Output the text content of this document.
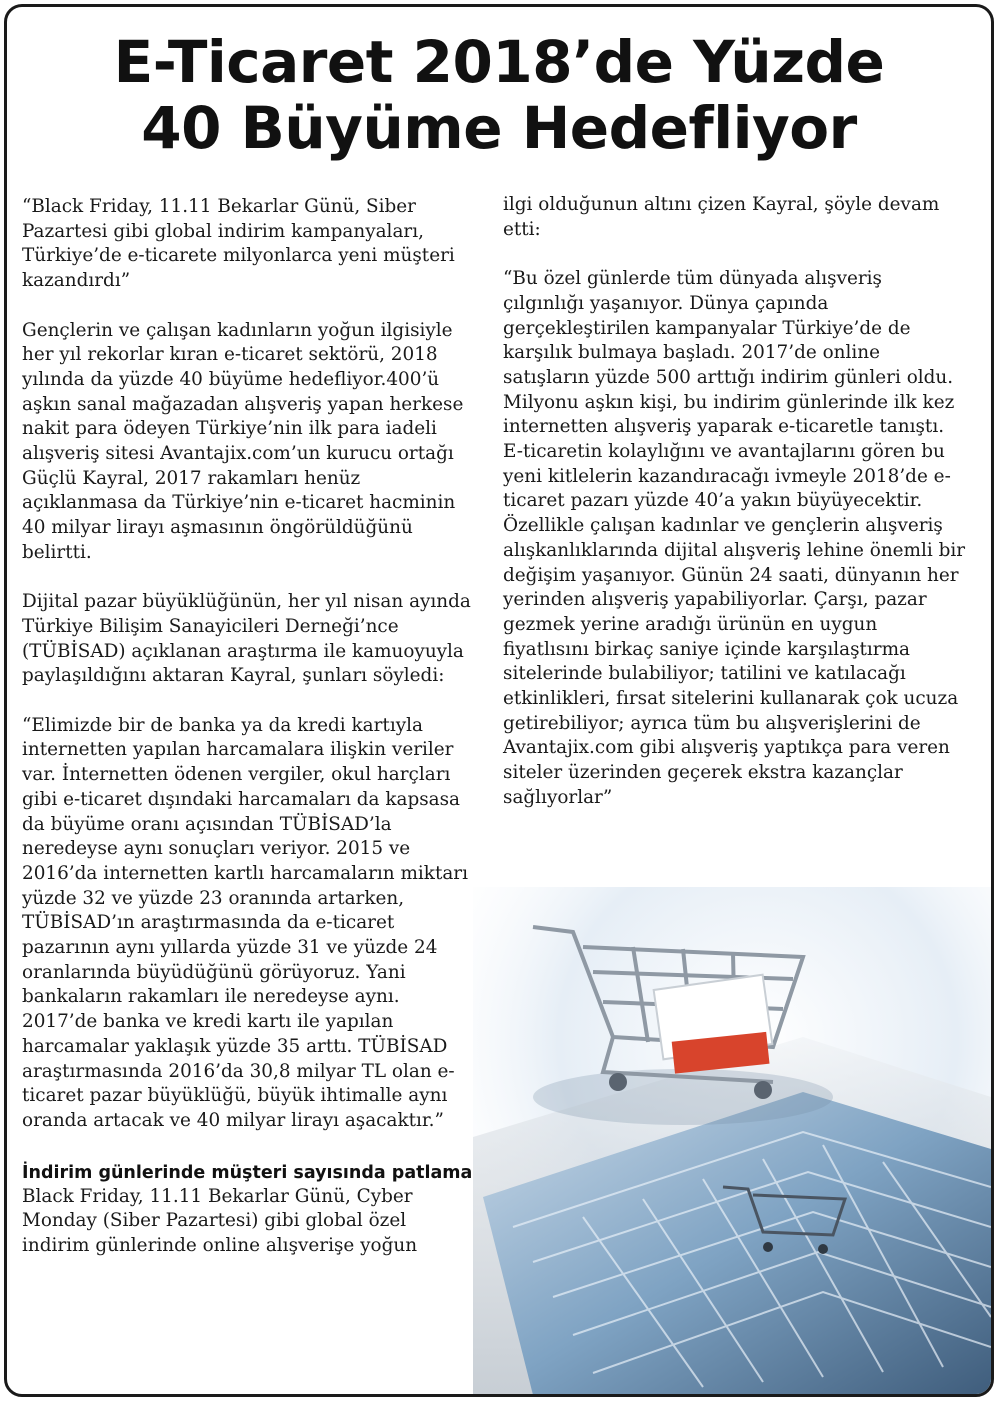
E-Ticaret 2018’de Yüzde
40 Büyüme Hedefliyor

“Black Friday, 11.11 Bekarlar Günü, Siber Pazartesi gibi global indirim kampanyaları, Türkiye’de e-ticarete milyonlarca yeni müşteri kazandırdı”

Gençlerin ve çalışan kadınların yoğun ilgisiyle her yıl rekorlar kıran e-ticaret sektörü, 2018 yılında da yüzde 40 büyüme hedefliyor.400’ü aşkın sanal mağazadan alışveriş yapan herkese nakit para ödeyen Türkiye’nin ilk para iadeli alışveriş sitesi Avantajix.com’un kurucu ortağı Güçlü Kayral, 2017 rakamları henüz açıklanmasa da Türkiye’nin e-ticaret hacminin 40 milyar lirayı aşmasının öngörüldüğünü belirtti.

Dijital pazar büyüklüğünün, her yıl nisan ayında Türkiye Bilişim Sanayicileri Derneği’nce (TÜBİSAD) açıklanan araştırma ile kamuoyuyla paylaşıldığını aktaran Kayral, şunları söyledi:

“Elimizde bir de banka ya da kredi kartıyla internetten yapılan harcamalara ilişkin veriler var. İnternetten ödenen vergiler, okul harçları gibi e-ticaret dışındaki harcamaları da kapsasa da büyüme oranı açısından TÜBİSAD’la neredeyse aynı sonuçları veriyor. 2015 ve 2016’da internetten kartlı harcamaların miktarı yüzde 32 ve yüzde 23 oranında artarken, TÜBİSAD’ın araştırmasında da e-ticaret pazarının aynı yıllarda yüzde 31 ve yüzde 24 oranlarında büyüdüğünü görüyoruz. Yani bankaların rakamları ile neredeyse aynı. 2017’de banka ve kredi kartı ile yapılan harcamalar yaklaşık yüzde 35 arttı. TÜBİSAD araştırmasında 2016’da 30,8 milyar TL olan e-ticaret pazar büyüklüğü, büyük ihtimalle aynı oranda artacak ve 40 milyar lirayı aşacaktır.”

İndirim günlerinde müşteri sayısında patlama

Black Friday, 11.11 Bekarlar Günü, Cyber Monday (Siber Pazartesi) gibi global özel indirim günlerinde online alışverişe yoğun

ilgi olduğunun altını çizen Kayral, şöyle devam etti:

“Bu özel günlerde tüm dünyada alışveriş çılgınlığı yaşanıyor. Dünya çapında gerçekleştirilen kampanyalar Türkiye’de de karşılık bulmaya başladı. 2017’de online satışların yüzde 500 arttığı indirim günleri oldu. Milyonu aşkın kişi, bu indirim günlerinde ilk kez internetten alışveriş yaparak e-ticaretle tanıştı. E-ticaretin kolaylığını ve avantajlarını gören bu yeni kitlelerin kazandıracağı ivmeyle 2018’de e-ticaret pazarı yüzde 40’a yakın büyüyecektir. Özellikle çalışan kadınlar ve gençlerin alışveriş alışkanlıklarında dijital alışveriş lehine önemli bir değişim yaşanıyor. Günün 24 saati, dünyanın her yerinden alışveriş yapabiliyorlar. Çarşı, pazar gezmek yerine aradığı ürünün en uygun fiyatlısını birkaç saniye içinde karşılaştırma sitelerinde bulabiliyor; tatilini ve katılacağı etkinlikleri, fırsat sitelerini kullanarak çok ucuza getirebiliyor; ayrıca tüm bu alışverişlerini de Avantajix.com gibi alışveriş yaptıkça para veren siteler üzerinden geçerek ekstra kazançlar sağlıyorlar”
